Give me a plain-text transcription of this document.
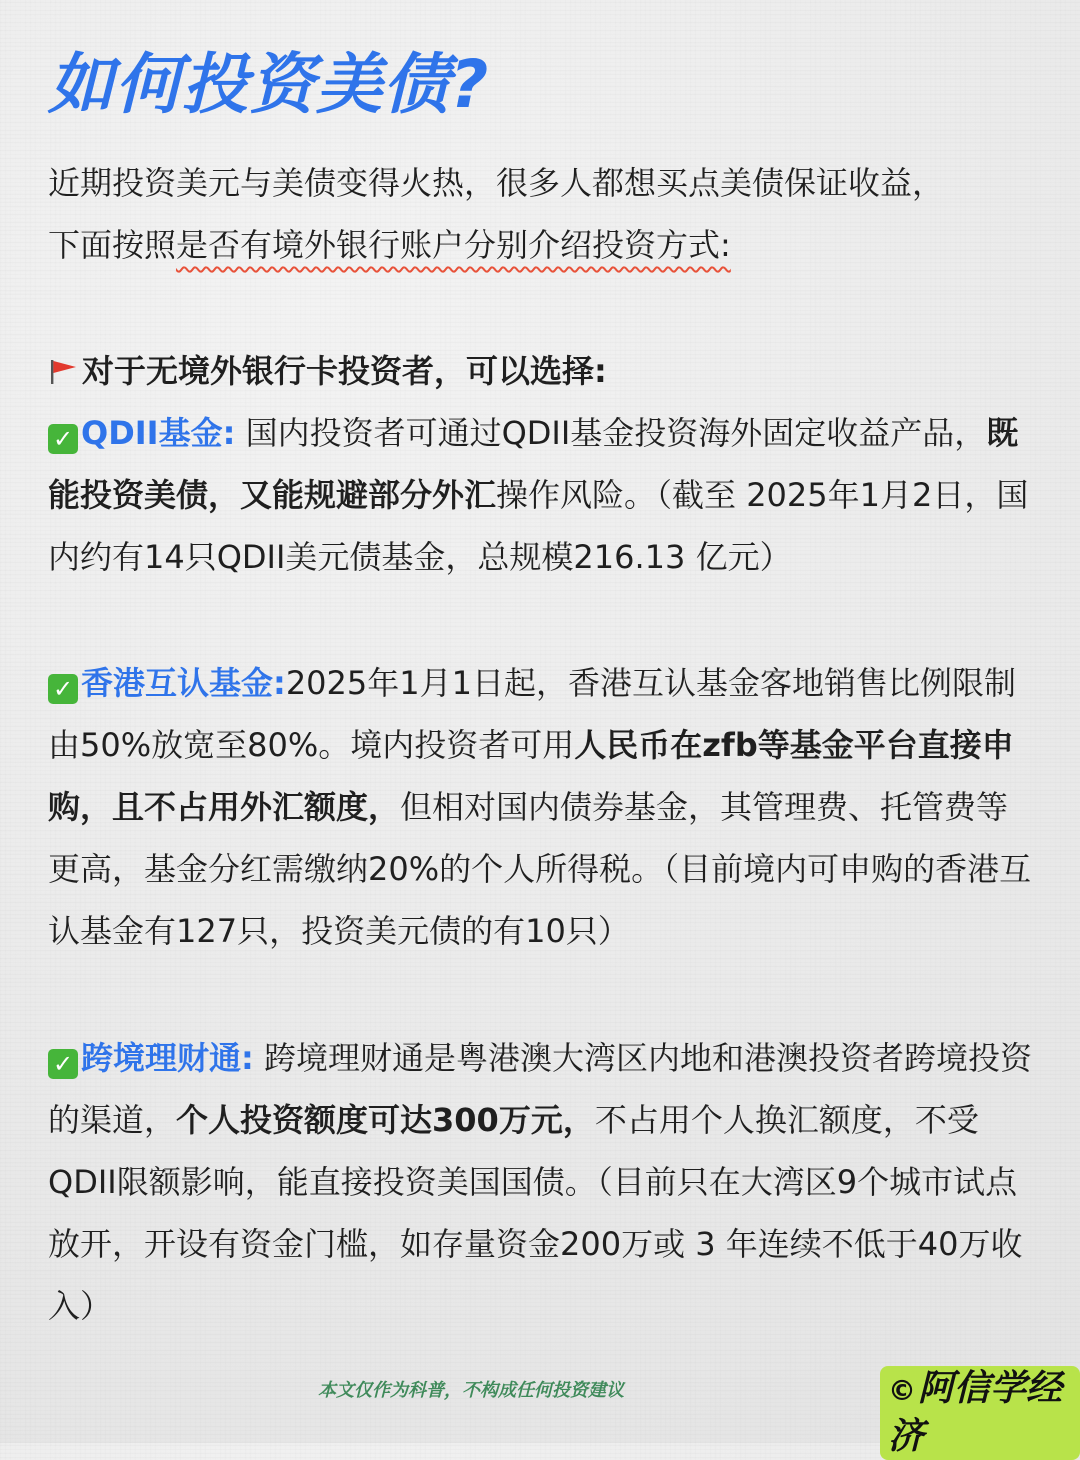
如何投资美债?

近期投资美元与美债变得火热，很多人都想买点美债保证收益，
下面按照是否有境外银行账户分别介绍投资方式:

对于无境外银行卡投资者，可以选择:

✓ QDII基金: 国内投资者可通过QDII基金投资海外固定收益产品，既能投资美债，又能规避部分外汇操作风险。（截至 2025年1月2日，国内约有14只QDII美元债基金，总规模216.13 亿元）

✓ 香港互认基金:2025年1月1日起，香港互认基金客地销售比例限制由50%放宽至80%。境内投资者可用人民币在zfb等基金平台直接申购，且不占用外汇额度，但相对国内债券基金，其管理费、托管费等更高，基金分红需缴纳20%的个人所得税。（目前境内可申购的香港互认基金有127只，投资美元债的有10只）

✓ 跨境理财通: 跨境理财通是粤港澳大湾区内地和港澳投资者跨境投资的渠道，个人投资额度可达300万元，不占用个人换汇额度，不受QDII限额影响，能直接投资美国国债。（目前只在大湾区9个城市试点放开，开设有资金门槛，如存量资金200万或 3 年连续不低于40万收入）

本文仅作为科普，不构成任何投资建议	©阿信学经济
